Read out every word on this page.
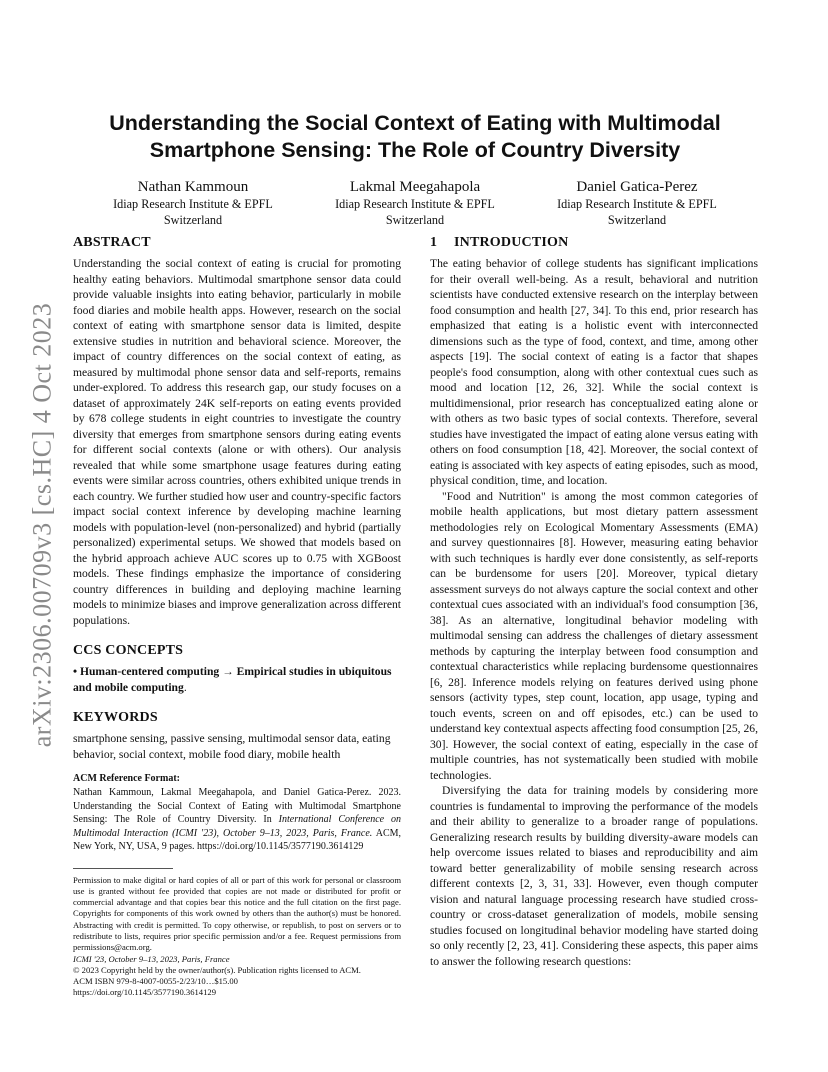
arXiv:2306.00709v3 [cs.HC] 4 Oct 2023
Understanding the Social Context of Eating with Multimodal
Smartphone Sensing: The Role of Country Diversity
Nathan Kammoun
Idiap Research Institute & EPFL
Switzerland
Lakmal Meegahapola
Idiap Research Institute & EPFL
Switzerland
Daniel Gatica-Perez
Idiap Research Institute & EPFL
Switzerland
ABSTRACT

Understanding the social context of eating is crucial for promoting healthy eating behaviors. Multimodal smartphone sensor data could provide valuable insights into eating behavior, particularly in mobile food diaries and mobile health apps. However, research on the social context of eating with smartphone sensor data is limited, despite extensive studies in nutrition and behavioral science. Moreover, the impact of country differences on the social context of eating, as measured by multimodal phone sensor data and self-reports, remains under-explored. To address this research gap, our study focuses on a dataset of approximately 24K self-reports on eating events provided by 678 college students in eight countries to investigate the country diversity that emerges from smartphone sensors during eating events for different social contexts (alone or with others). Our analysis revealed that while some smartphone usage features during eating events were similar across countries, others exhibited unique trends in each country. We further studied how user and country-specific factors impact social context inference by developing machine learning models with population-level (non-personalized) and hybrid (partially personalized) experimental setups. We showed that models based on the hybrid approach achieve AUC scores up to 0.75 with XGBoost models. These findings emphasize the importance of considering country differences in building and deploying machine learning models to minimize biases and improve generalization across different populations.

CCS CONCEPTS

• Human-centered computing → Empirical studies in ubiquitous and mobile computing.

KEYWORDS

smartphone sensing, passive sensing, multimodal sensor data, eating behavior, social context, mobile food diary, mobile health

ACM Reference Format:

Nathan Kammoun, Lakmal Meegahapola, and Daniel Gatica-Perez. 2023. Understanding the Social Context of Eating with Multimodal Smartphone Sensing: The Role of Country Diversity. In International Conference on Multimodal Interaction (ICMI '23), October 9–13, 2023, Paris, France. ACM, New York, NY, USA, 9 pages. https://doi.org/10.1145/3577190.3614129

Permission to make digital or hard copies of all or part of this work for personal or classroom use is granted without fee provided that copies are not made or distributed for profit or commercial advantage and that copies bear this notice and the full citation on the first page. Copyrights for components of this work owned by others than the author(s) must be honored. Abstracting with credit is permitted. To copy otherwise, or republish, to post on servers or to redistribute to lists, requires prior specific permission and/or a fee. Request permissions from permissions@acm.org.

ICMI '23, October 9–13, 2023, Paris, France

© 2023 Copyright held by the owner/author(s). Publication rights licensed to ACM.

ACM ISBN 979-8-4007-0055-2/23/10…$15.00

https://doi.org/10.1145/3577190.3614129

1 INTRODUCTION

The eating behavior of college students has significant implications for their overall well-being. As a result, behavioral and nutrition scientists have conducted extensive research on the interplay between food consumption and health [27, 34]. To this end, prior research has emphasized that eating is a holistic event with interconnected dimensions such as the type of food, context, and time, among other aspects [19]. The social context of eating is a factor that shapes people's food consumption, along with other contextual cues such as mood and location [12, 26, 32]. While the social context is multidimensional, prior research has conceptualized eating alone or with others as two basic types of social contexts. Therefore, several studies have investigated the impact of eating alone versus eating with others on food consumption [18, 42]. Moreover, the social context of eating is associated with key aspects of eating episodes, such as mood, physical condition, time, and location.

"Food and Nutrition" is among the most common categories of mobile health applications, but most dietary pattern assessment methodologies rely on Ecological Momentary Assessments (EMA) and survey questionnaires [8]. However, measuring eating behavior with such techniques is hardly ever done consistently, as self-reports can be burdensome for users [20]. Moreover, typical dietary assessment surveys do not always capture the social context and other contextual cues associated with an individual's food consumption [36, 38]. As an alternative, longitudinal behavior modeling with multimodal sensing can address the challenges of dietary assessment methods by capturing the interplay between food consumption and contextual characteristics while replacing burdensome questionnaires [6, 28]. Inference models relying on features derived using phone sensors (activity types, step count, location, app usage, typing and touch events, screen on and off episodes, etc.) can be used to understand key contextual aspects affecting food consumption [25, 26, 30]. However, the social context of eating, especially in the case of multiple countries, has not systematically been studied with mobile technologies.

Diversifying the data for training models by considering more countries is fundamental to improving the performance of the models and their ability to generalize to a broader range of populations. Generalizing research results by building diversity-aware models can help overcome issues related to biases and reproducibility and aim toward better generalizability of mobile sensing research across different contexts [2, 3, 31, 33]. However, even though computer vision and natural language processing research have studied cross-country or cross-dataset generalization of models, mobile sensing studies focused on longitudinal behavior modeling have started doing so only recently [2, 23, 41]. Considering these aspects, this paper aims to answer the following research questions:
